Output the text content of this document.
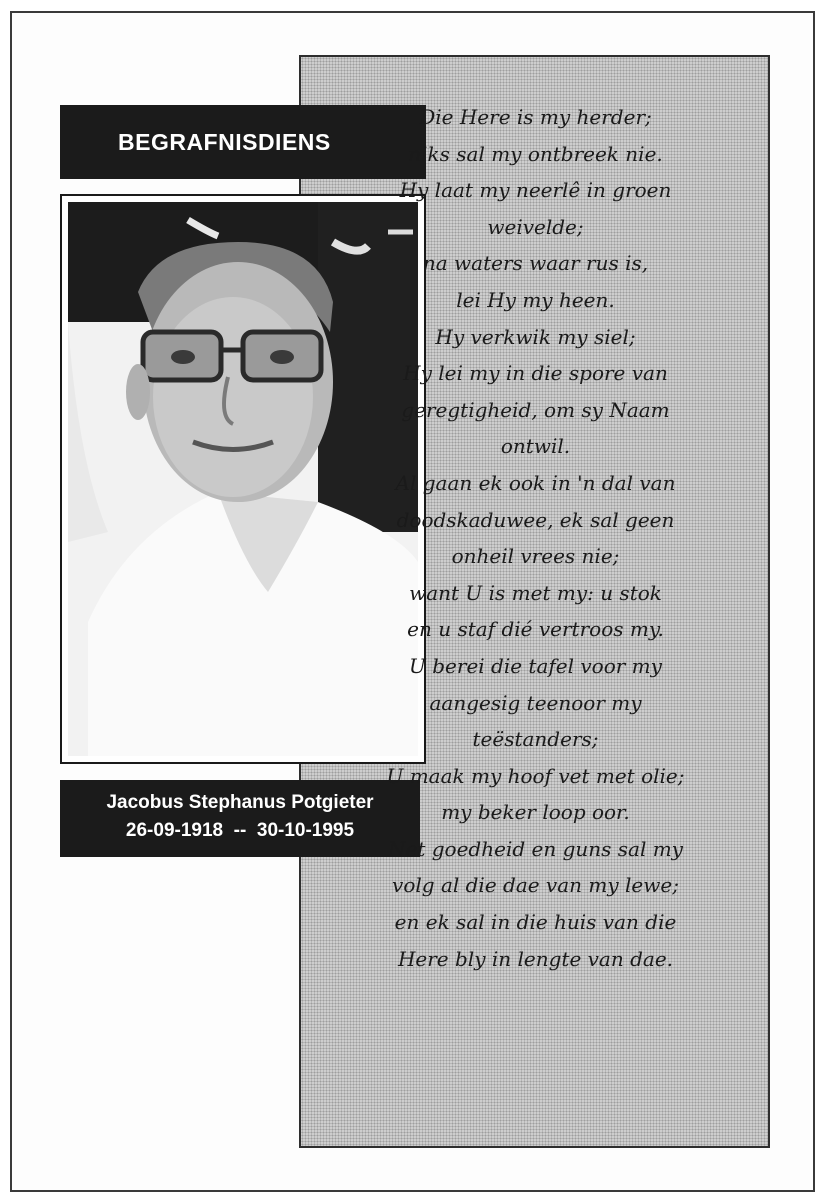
BEGRAFNISDIENS
Jacobus Stephanus Potgieter
26-09-1918  --  30-10-1995
Die Here is my herder;
niks sal my ontbreek nie.
Hy laat my neerlê in groen
weivelde;
na waters waar rus is,
lei Hy my heen.
Hy verkwik my siel;
Hy lei my in die spore van
geregtigheid, om sy Naam
ontwil.
Al gaan ek ook in 'n dal van
doodskaduwee, ek sal geen
onheil vrees nie;
want U is met my: u stok
en u staf dié vertroos my.
U berei die tafel voor my
aangesig teenoor my
teëstanders;
U maak my hoof vet met olie;
my beker loop oor.
Net goedheid en guns sal my
volg al die dae van my lewe;
en ek sal in die huis van die
Here bly in lengte van dae.
